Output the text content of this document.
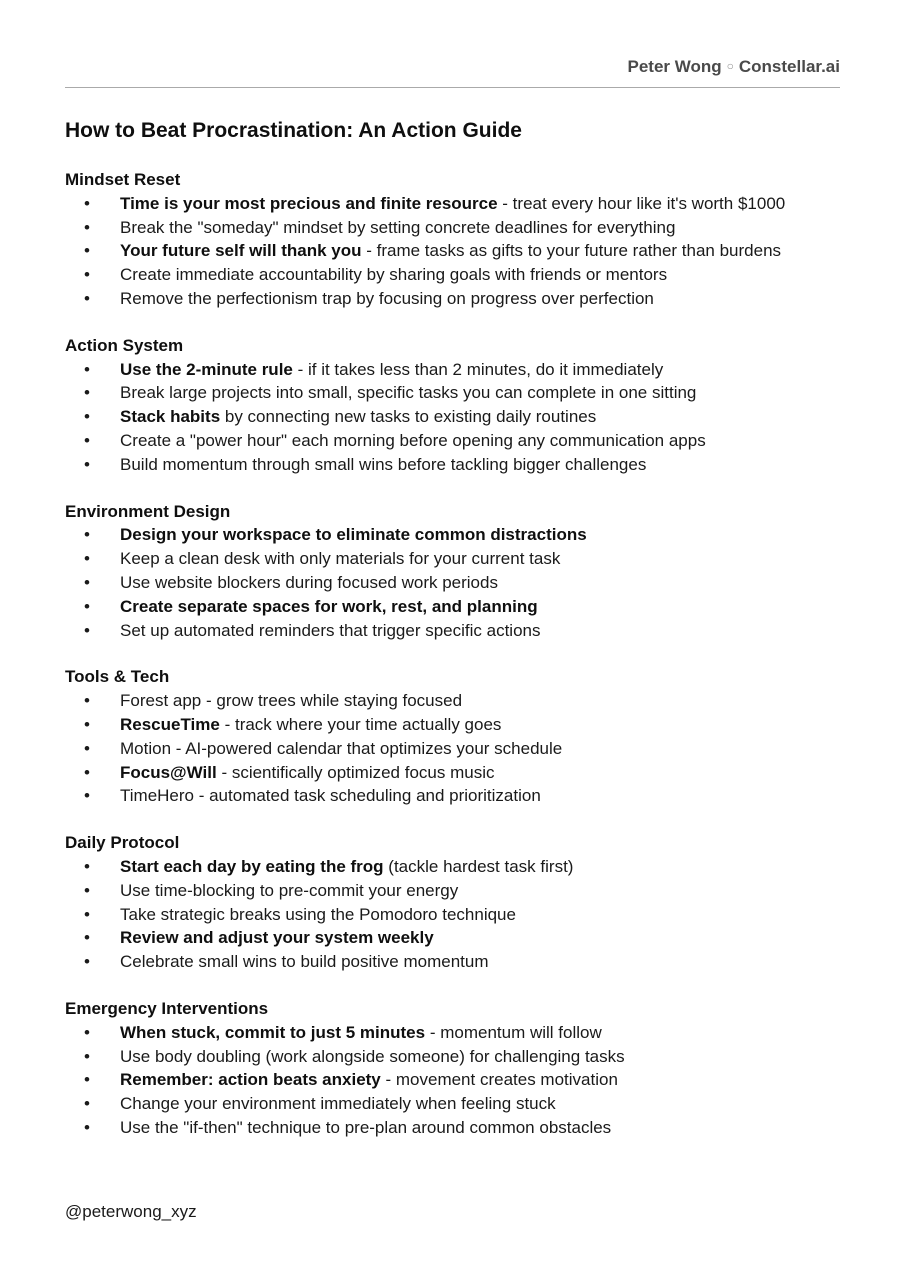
Peter Wong ○ Constellar.ai
How to Beat Procrastination: An Action Guide
Mindset Reset
•	Time is your most precious and finite resource - treat every hour like it's worth $1000
•	Break the "someday" mindset by setting concrete deadlines for everything
•	Your future self will thank you - frame tasks as gifts to your future rather than burdens
•	Create immediate accountability by sharing goals with friends or mentors
•	Remove the perfectionism trap by focusing on progress over perfection
Action System
•	Use the 2-minute rule - if it takes less than 2 minutes, do it immediately
•	Break large projects into small, specific tasks you can complete in one sitting
•	Stack habits by connecting new tasks to existing daily routines
•	Create a "power hour" each morning before opening any communication apps
•	Build momentum through small wins before tackling bigger challenges
Environment Design
•	Design your workspace to eliminate common distractions
•	Keep a clean desk with only materials for your current task
•	Use website blockers during focused work periods
•	Create separate spaces for work, rest, and planning
•	Set up automated reminders that trigger specific actions
Tools & Tech
•	Forest app - grow trees while staying focused
•	RescueTime - track where your time actually goes
•	Motion - AI-powered calendar that optimizes your schedule
•	Focus@Will - scientifically optimized focus music
•	TimeHero - automated task scheduling and prioritization
Daily Protocol
•	Start each day by eating the frog (tackle hardest task first)
•	Use time-blocking to pre-commit your energy
•	Take strategic breaks using the Pomodoro technique
•	Review and adjust your system weekly
•	Celebrate small wins to build positive momentum
Emergency Interventions
•	When stuck, commit to just 5 minutes - momentum will follow
•	Use body doubling (work alongside someone) for challenging tasks
•	Remember: action beats anxiety - movement creates motivation
•	Change your environment immediately when feeling stuck
•	Use the "if-then" technique to pre-plan around common obstacles
@peterwong_xyz
